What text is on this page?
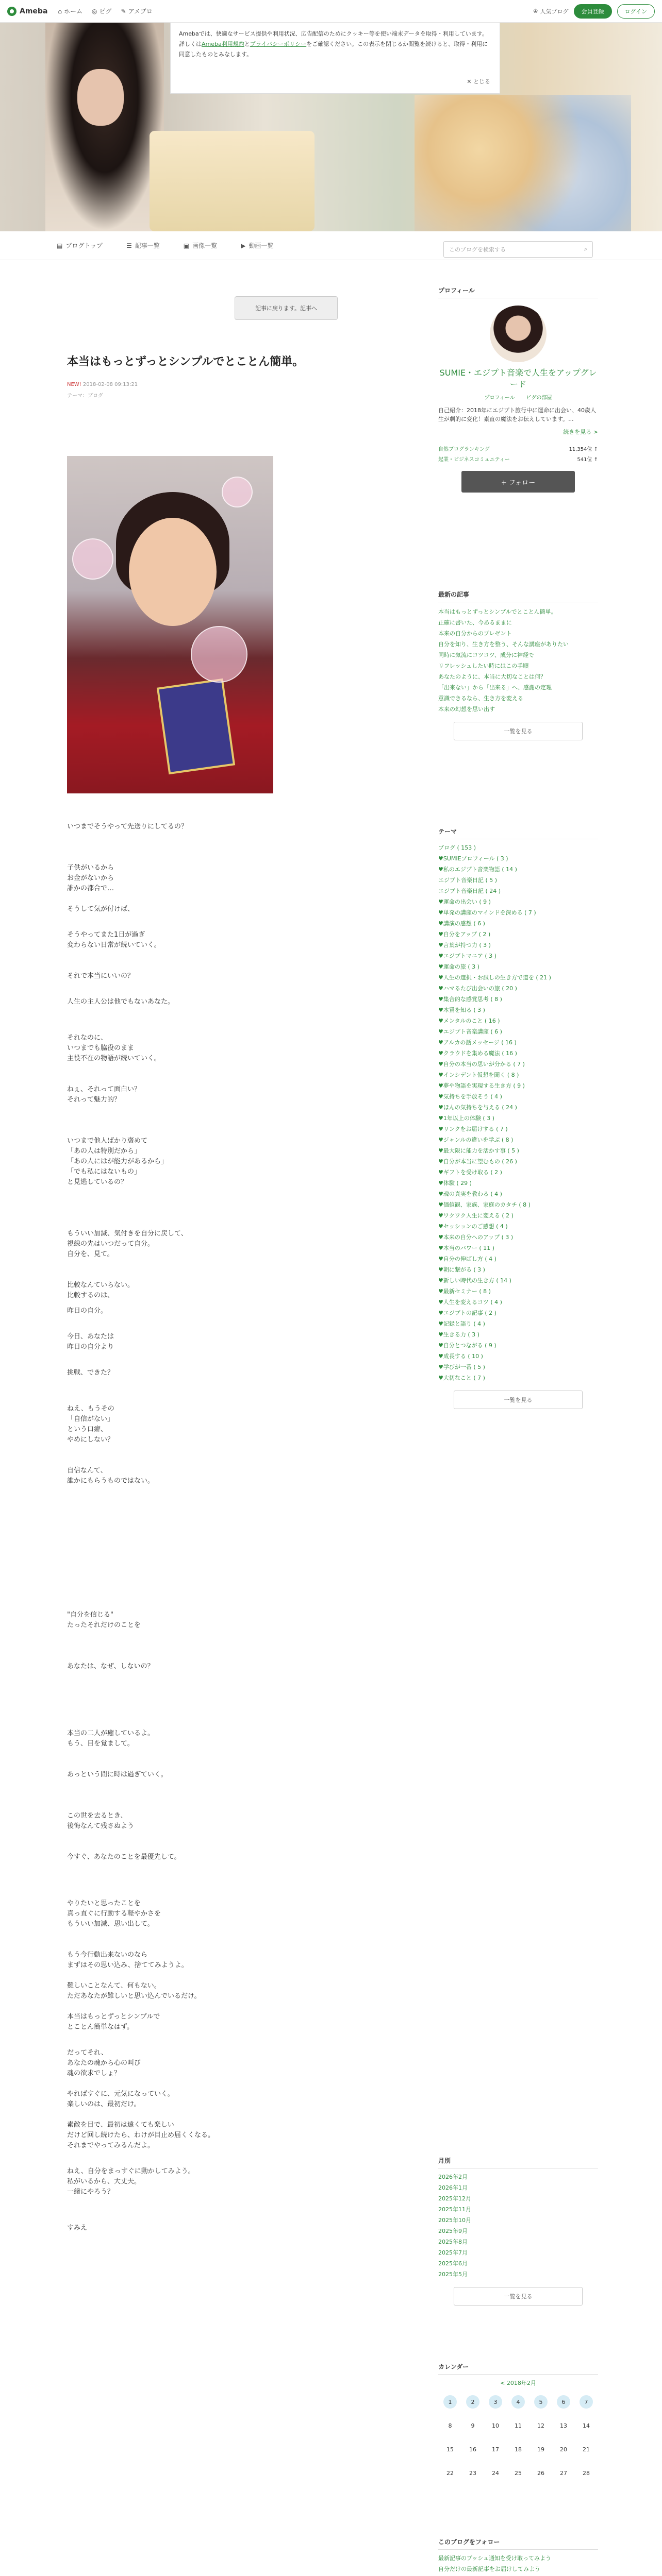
Ameba ⌂ ホーム ◎ ピグ ✎ アメブロ	♔ 人気ブログ	会員登録	ログイン
Amebaでは、快適なサービス提供や利用状況、広告配信のためにクッキー等を使い端末データを取得・利用しています。詳しくはAmeba利用規約とプライバシーポリシーをご確認ください。この表示を閉じるか閲覧を続けると、取得・利用に同意したものとみなします。
✕ とじる
▤ ブログトップ	☰ 記事一覧	▣ 画像一覧	▶ 動画一覧
このブログを検索する	⌕
記事に戻ります。記事へ
本当はもっとずっとシンプルでとことん簡単。
NEW! 2018-02-08 09:13:21
テーマ：ブログ

いつまでそうやって先送りにしてるの？

子供がいるから
お金がないから
誰かの都合で…

そうして気が付けば、

そうやってまた1日が過ぎ
変わらない日常が続いていく。

それで本当にいいの？

人生の主人公は他でもないあなた。

それなのに、
いつまでも脇役のまま
主役不在の物語が続いていく。

ねぇ、それって面白い？
それって魅力的？

いつまで他人ばかり褒めて
「あの人は特別だから」
「あの人にはが能力があるから」
「でも私にはないもの」
と見逃しているの？

もういい加減、気付きを自分に戻して、
視線の先はいつだって自分。
自分を、見て。

比較なんていらない。
比較するのは、

昨日の自分。

今日、あなたは
昨日の自分より

挑戦、できた？

ねえ、もうその
「自信がない」
という口癖、
やめにしない？

自信なんて、
誰かにもらうものではない。

"自分を信じる"
たったそれだけのことを

あなたは、なぜ、しないの？

本当の二人が癒しているよ。
もう、目を覚まして。

あっという間に時は過ぎていく。

この世を去るとき、
後悔なんて残さぬよう

今すぐ、あなたのことを最優先して。

やりたいと思ったことを
真っ直ぐに行動する軽やかさを
もういい加減、思い出して。

もう今行動出来ないのなら
まずはその思い込み、捨ててみようよ。

難しいことなんて、何もない。
ただあなたが難しいと思い込んでいるだけ。

本当はもっとずっとシンプルで
とことん簡単なはず。

だってそれ、
あなたの魂から心の叫び
魂の欲求でしょ？

やればすぐに、元気になっていく。
楽しいのは、最初だけ。

素敵を目で、最初は遠くても楽しい
だけど回し続けたら、わけが目止め届くくなる。
それまでやってみるんだよ。

ねえ、自分をまっすぐに動かしてみよう。
私がいるから、大丈夫。
一緒にやろう？

すみえ

プロフィール
SUMIE・エジプト音楽で人生をアップグレード
プロフィール ピグの部屋
自己紹介：2018年にエジプト旅行中に運命に出会い、40歳人生が劇的に変化！素直の魔法をお伝えしています。...
続きを見る >
自然ブログランキング	11,354位 ↑
起業・ビジネスコミュニティー	541位 ↑
+ フォロー
最新の記事
本当はもっとずっとシンプルでとことん簡単。
正確に書いた、今あるままに
本来の自分からのプレゼント
自分を知り、生き方を整う、そんな講座がありたい
同時に気流にコツコツ、成分に神経で
リフレッシュしたい時にはこの手順
あなたのように、本当に大切なことは何？
「出来ない」から「出来る」へ、感謝の定理
意識できるなら、生き方を変える
本来の幻想を思い出す
一覧を見る
テーマ
ブログ ( 153 )
♥SUMIEプロフィール ( 3 )
♥私のエジプト音楽物語 ( 14 )
エジプト音楽日記 ( 5 )
エジプト音楽日記 ( 24 )
♥運命の出会い ( 9 )
♥単発の講座のマインドを深める ( 7 )
♥講演の感想 ( 6 )
♥自分をアップ ( 2 )
♥言葉が持つ力 ( 3 )
♥エジプトマニア ( 3 )
♥運命の旅 ( 3 )
♥人生の選択・お試しの生き方で道を ( 21 )
♥ハマるたび出会いの旅 ( 20 )
♥集合的な感覚思考 ( 8 )
♥本質を知る ( 3 )
♥メンタルのこと ( 16 )
♥エジプト音楽講座 ( 6 )
♥アルカの話メッセージ ( 16 )
♥クラウドを集める魔法 ( 16 )
♥自分の本当の思いが分かる ( 7 )
♥インシデント仮想を聞く ( 8 )
♥夢や物語を実現する生き方 ( 9 )
♥気持ちを手放そう ( 4 )
♥ほんの気持ちを与える ( 24 )
♥1年以上の体験 ( 3 )
♥リンクをお届けする ( 7 )
♥ジャンルの違いを学ぶ ( 8 )
♥最大限に能力を活かす事 ( 5 )
♥自分が本当に望むもの ( 26 )
♥ギフトを受け取る ( 2 )
♥体験 ( 29 )
♥魂の真実を教わる ( 4 )
♥価値観、家族、家庭のカタチ ( 8 )
♥ワクワク人生に変える ( 2 )
♥セッションのご感想 ( 4 )
♥本来の自分へのアップ ( 3 )
♥本当のパワー ( 11 )
♥自分の伸ばし方 ( 4 )
♥朝に繋がる ( 3 )
♥新しい時代の生き方 ( 14 )
♥最新セミナー ( 8 )
♥人生を変えるコツ ( 4 )
♥エジプトの記事 ( 2 )
♥記録と語り ( 4 )
♥生きる力 ( 3 )
♥自分とつながる ( 9 )
♥成長する ( 10 )
♥学びが一番 ( 5 )
♥大切なこと ( 7 )
一覧を見る
月別
2026年2月
2026年1月
2025年12月
2025年11月
2025年10月
2025年9月
2025年8月
2025年7月
2025年6月
2025年5月
一覧を見る
カレンダー
< 2018年2月
1	2	3	4	5	6	7
8	9	10	11	12	13	14
15	16	17	18	19	20	21
22	23	24	25	26	27	28
このブログをフォロー
最新記事のプッシュ通知を受け取ってみよう
自分だけの最新記事をお届けしてみよう
